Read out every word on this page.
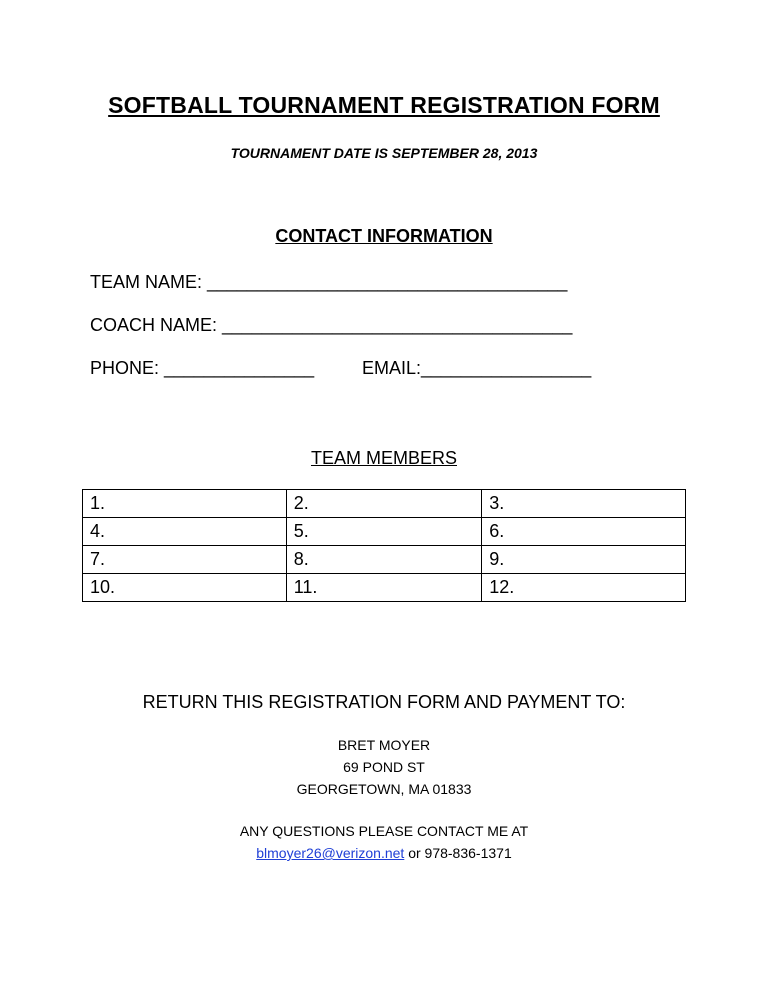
SOFTBALL TOURNAMENT REGISTRATION FORM
TOURNAMENT DATE IS SEPTEMBER 28, 2013
CONTACT INFORMATION
TEAM NAME: ____________________________________
COACH NAME: ___________________________________
PHONE: _______________	EMAIL:_________________
TEAM MEMBERS
1.	2.	3.
4.	5.	6.
7.	8.	9.
10.	11.	12.
RETURN THIS REGISTRATION FORM AND PAYMENT TO:
BRET MOYER
69 POND ST
GEORGETOWN, MA 01833
ANY QUESTIONS PLEASE CONTACT ME AT
blmoyer26@verizon.net or 978-836-1371
